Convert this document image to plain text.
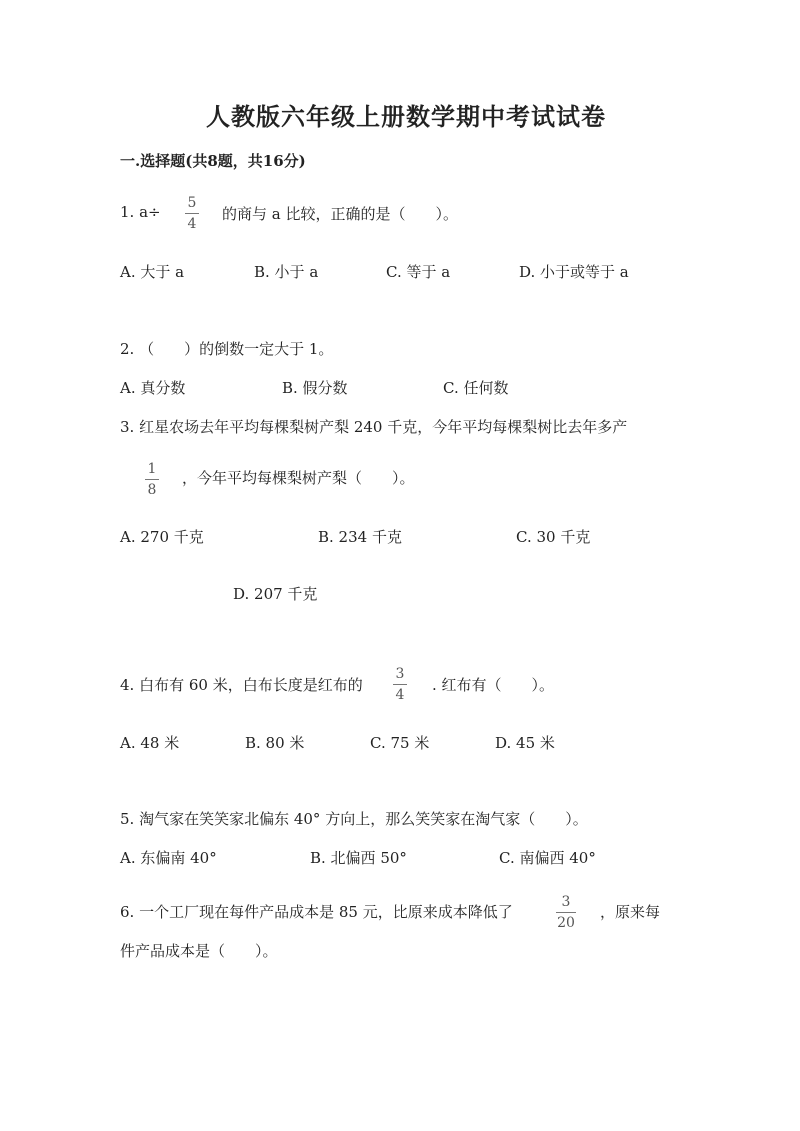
人教版六年级上册数学期中考试试卷
一.选择题(共8题，共16分)
1. a÷ 5
4
的商与 a 比较，正确的是（　　）。
A. 大于 a	B. 小于 a	C. 等于 a	D. 小于或等于 a
2. （　　）的倒数一定大于 1。
A. 真分数	B. 假分数	C. 任何数
3. 红星农场去年平均每棵梨树产梨 240 千克，今年平均每棵梨树比去年多产
1
8
，今年平均每棵梨树产梨（　　）。
A. 270 千克	B. 234 千克	C. 30 千克
D. 207 千克
4. 白布有 60 米，白布长度是红布的
3
4
. 红布有（　　）。
A. 48 米	B. 80 米	C. 75 米	D. 45 米
5. 淘气家在笑笑家北偏东 40° 方向上，那么笑笑家在淘气家（　　）。
A. 东偏南 40°	B. 北偏西 50°	C. 南偏西 40°
6. 一个工厂现在每件产品成本是 85 元，比原来成本降低了
3
20
，原来每
件产品成本是（　　）。
